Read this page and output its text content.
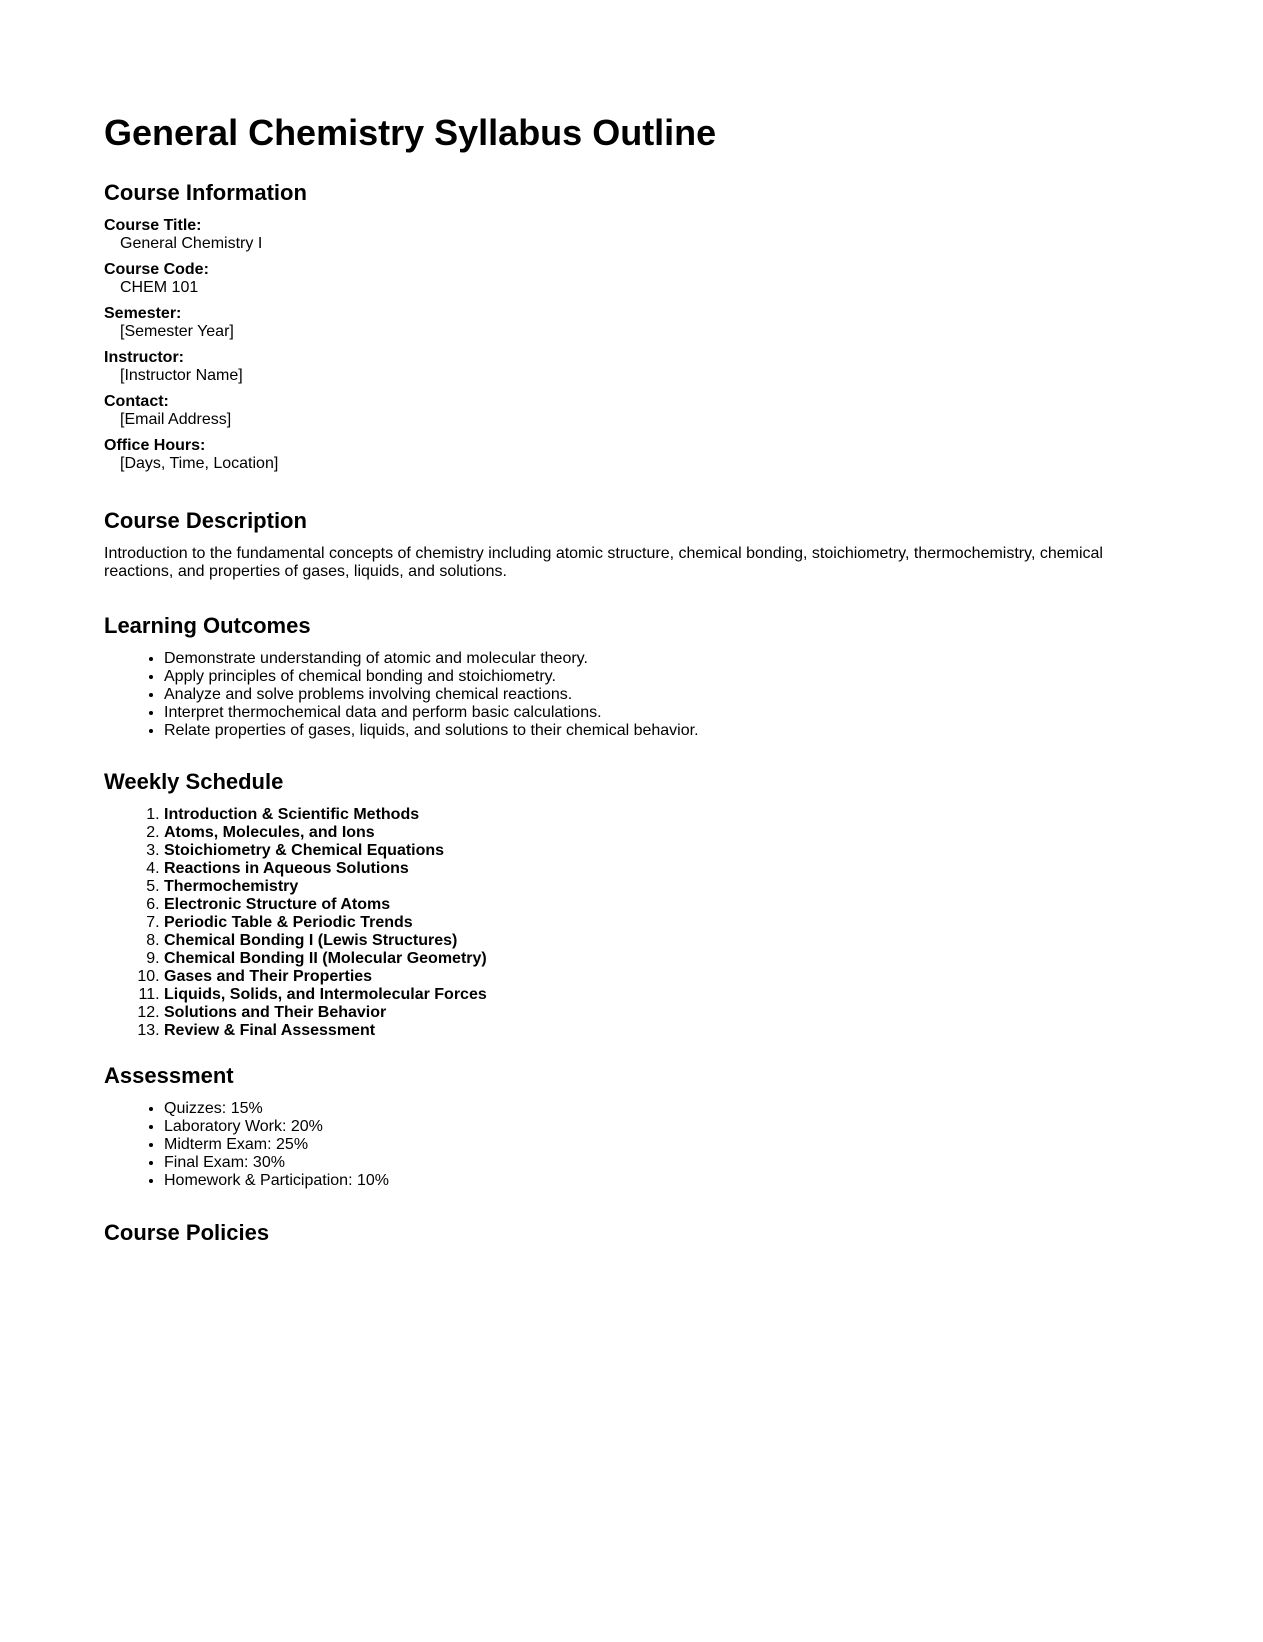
General Chemistry Syllabus Outline
Course Information
Course Title:
General Chemistry I
Course Code:
CHEM 101
Semester:
[Semester Year]
Instructor:
[Instructor Name]
Contact:
[Email Address]
Office Hours:
[Days, Time, Location]
Course Description

Introduction to the fundamental concepts of chemistry including atomic structure, chemical bonding, stoichiometry, thermochemistry, chemical reactions, and properties of gases, liquids, and solutions.

Learning Outcomes
• Demonstrate understanding of atomic and molecular theory.
• Apply principles of chemical bonding and stoichiometry.
• Analyze and solve problems involving chemical reactions.
• Interpret thermochemical data and perform basic calculations.
• Relate properties of gases, liquids, and solutions to their chemical behavior.
Weekly Schedule
1. Introduction & Scientific Methods
2. Atoms, Molecules, and Ions
3. Stoichiometry & Chemical Equations
4. Reactions in Aqueous Solutions
5. Thermochemistry
6. Electronic Structure of Atoms
7. Periodic Table & Periodic Trends
8. Chemical Bonding I (Lewis Structures)
9. Chemical Bonding II (Molecular Geometry)
10. Gases and Their Properties
11. Liquids, Solids, and Intermolecular Forces
12. Solutions and Their Behavior
13. Review & Final Assessment
Assessment
• Quizzes: 15%
• Laboratory Work: 20%
• Midterm Exam: 25%
• Final Exam: 30%
• Homework & Participation: 10%
Course Policies
